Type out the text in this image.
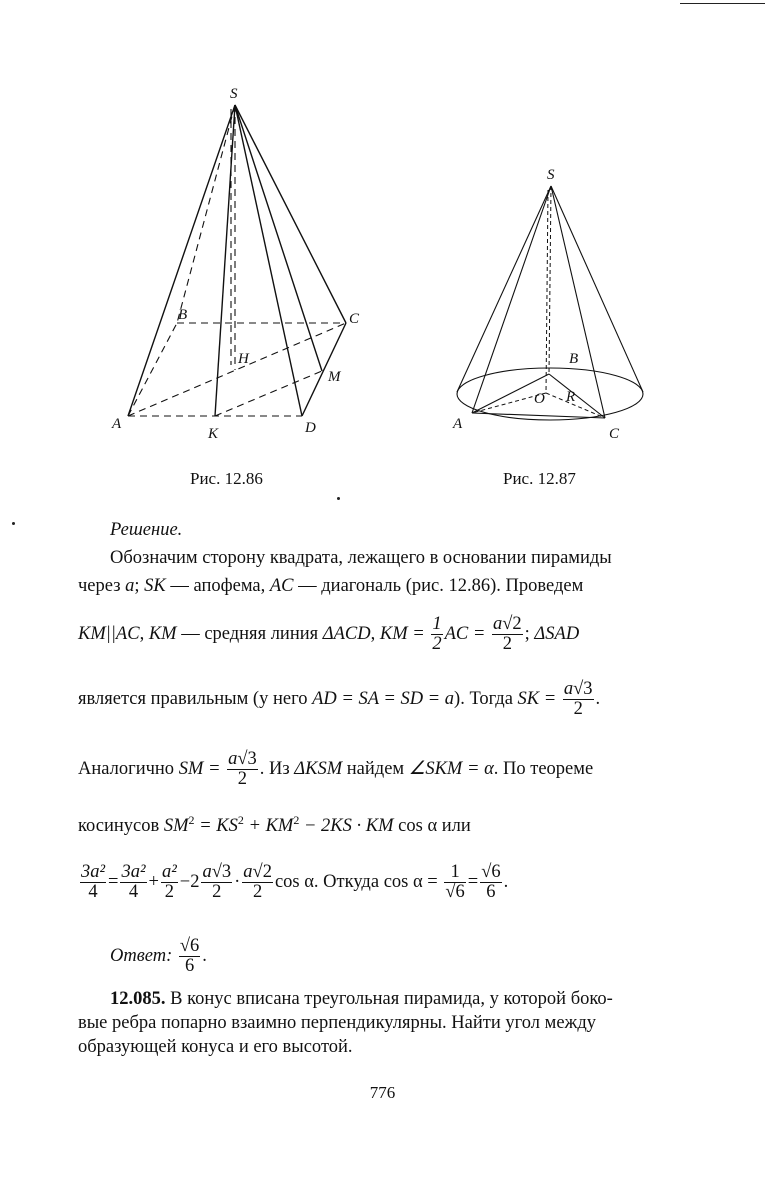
S
B	C
H
M
A
K	D
S
B
O R
A
C
Рис. 12.86	Рис. 12.87
Решение.
Обозначим сторону квадрата, лежащего в основании пирамиды
через a; SK — апофема, AC — диагональ (рис. 12.86). Проведем
KM||AC, KM — средняя линия ΔACD, KM = $\frac{1}{2}$ AC = $\frac{a√2}{2}$ ; ΔSAD
является правильным (у него AD = SA = SD = a). Тогда SK = $\frac{a√3}{2}$ .
Аналогично SM = $\frac{a√3}{2}$ . Из ΔKSM найдем ∠SKM = α. По теореме
косинусов $SM^2 = KS^2 + KM^2 - 2KS$ · KM cos α или
$\frac{\text{3a²}}{4} = \frac{\text{3a²}}{4} + \frac{\text{a²}}{2} -2 \frac{a√3}{2} \cdot \frac{a√2}{2}$ cos α. Откуда $\cos \alpha = \frac{1}{√6} = \frac{√6}{6}$ .
Ответ: $\frac{√6}{6}$ .
12.085. В конус вписана треугольная пирамида, у которой боко-
вые ребра попарно взаимно перпендикулярны. Найти угол между
образующей конуса и его высотой.
776
